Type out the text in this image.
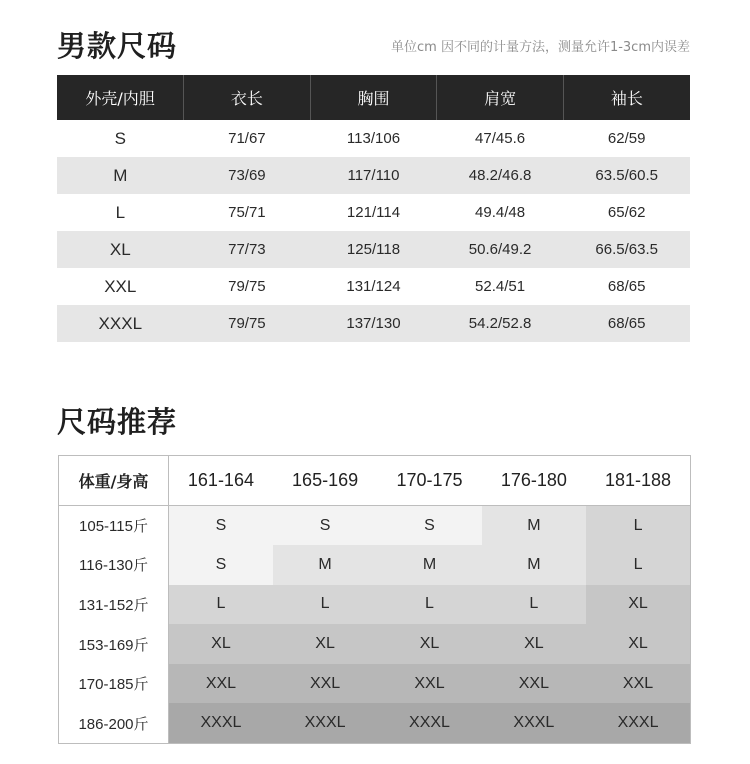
男款尺码	单位cm 因不同的计量方法，测量允许1-3cm内误差
外壳/内胆	衣长	胸围	肩宽	袖长
S	71/67	113/106	47/45.6	62/59
M	73/69	117/110	48.2/46.8	63.5/60.5
L	75/71	121/114	49.4/48	65/62
XL	77/73	125/118	50.6/49.2	66.5/63.5
XXL	79/75	131/124	52.4/51	68/65
XXXL	79/75	137/130	54.2/52.8	68/65
尺码推荐
体重/身高	161-164	165-169	170-175	176-180	181-188
105-115斤	S	S	S	M	L
116-130斤	S	M	M	M	L
131-152斤	L	L	L	L	XL
153-169斤	XL	XL	XL	XL	XL
170-185斤	XXL	XXL	XXL	XXL	XXL
186-200斤	XXXL	XXXL	XXXL	XXXL	XXXL
